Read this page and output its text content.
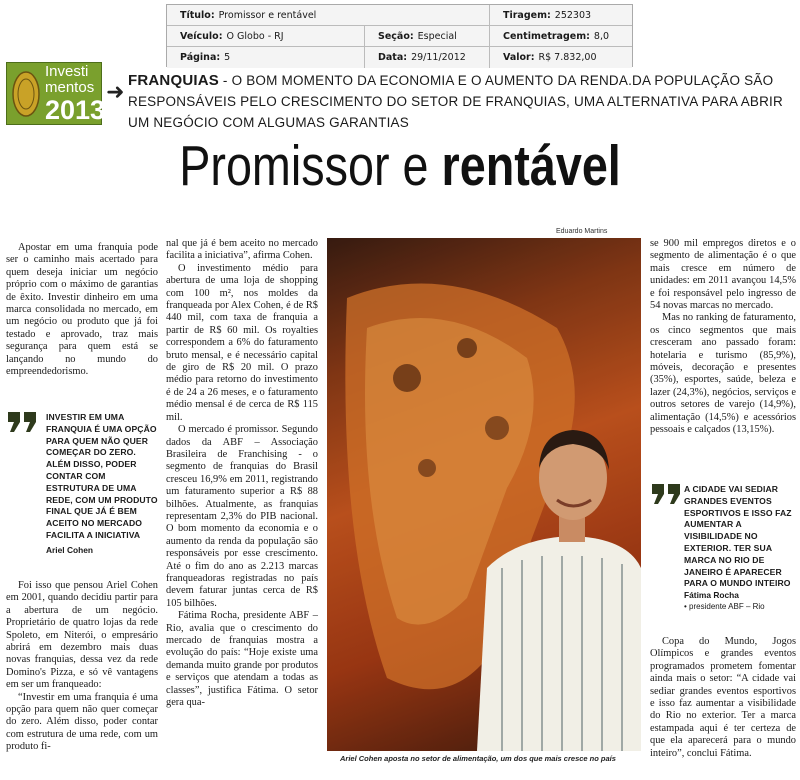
Título: Promissor e rentável	Tiragem: 252303
Veículo: O Globo - RJ	Seção: Especial	Centimetragem: 8,0
Página: 5	Data: 29/11/2012	Valor: R$ 7.832,00
Investi mentos
2013
➜ FRANQUIAS - O BOM MOMENTO DA ECONOMIA E O AUMENTO DA RENDA.DA POPULAÇÃO SÃO RESPONSÁVEIS PELO CRESCIMENTO DO SETOR DE FRANQUIAS, UMA ALTERNATIVA PARA ABRIR UM NEGÓCIO COM ALGUMAS GARANTIAS
Promissor e rentável

Apostar em uma franquia pode ser o caminho mais acertado para quem deseja iniciar um negócio próprio com o máximo de garantias de êxito. Investir dinheiro em uma marca consolidada no mercado, em um negócio ou produto que já foi testado e aprovado, traz mais segurança para quem está se lançando no mundo do empreendedorismo.

INVESTIR EM UMA FRANQUIA É UMA OPÇÃO PARA QUEM NÃO QUER COMEÇAR DO ZERO. ALÉM DISSO, PODER CONTAR COM ESTRUTURA DE UMA REDE, COM UM PRODUTO FINAL QUE JÁ É BEM ACEITO NO MERCADO FACILITA A INICIATIVA
Ariel Cohen

Foi isso que pensou Ariel Cohen em 2001, quando decidiu partir para a abertura de um negócio. Proprietário de quatro lojas da rede Spoleto, em Niterói, o empresário abrirá em dezembro mais duas novas franquias, dessa vez da rede Domino's Pizza, e só vê vantagens em ser um franqueado:

“Investir em uma franquia é uma opção para quem não quer começar do zero. Além disso, poder contar com estrutura de uma rede, com um produto fi-

nal que já é bem aceito no mercado facilita a iniciativa”, afirma Cohen.

O investimento médio para abertura de uma loja de shopping com 100 m², nos moldes da franqueada por Alex Cohen, é de R$ 440 mil, com taxa de franquia a partir de R$ 60 mil. Os royalties correspondem a 6% do faturamento bruto mensal, e é necessário capital de giro de R$ 20 mil. O prazo médio para retorno do investimento é de 24 a 26 meses, e o faturamento médio mensal é de cerca de R$ 115 mil.

O mercado é promissor. Segundo dados da ABF – Associação Brasileira de Franchising - o segmento de franquias do Brasil cresceu 16,9% em 2011, registrando um faturamento superior a R$ 88 bilhões. Atualmente, as franquias representam 2,3% do PIB nacional. O bom momento da economia e o aumento da renda da população são responsáveis por esse crescimento. Até o fim do ano as 2.213 marcas franqueadoras registradas no país devem faturar juntas cerca de R$ 105 bilhões.

Fátima Rocha, presidente ABF – Rio, avalia que o crescimento do mercado de franquias mostra a evolução do país: “Hoje existe uma demanda muito grande por produtos e serviços que atendam a todas as classes”, justifica Fátima. O setor gera qua-

Eduardo Martins
Ariel Cohen aposta no setor de alimentação, um dos que mais cresce no país

se 900 mil empregos diretos e o segmento de alimentação é o que mais cresce em número de unidades: em 2011 avançou 14,5% e foi responsável pelo ingresso de 54 novas marcas no mercado.

Mas no ranking de faturamento, os cinco segmentos que mais cresceram ano passado foram: hotelaria e turismo (85,9%), móveis, decoração e presentes (35%), esportes, saúde, beleza e lazer (24,3%), negócios, serviços e outros setores de varejo (14,9%), alimentação (14,5%) e acessórios pessoais e calçados (13,15%).

A CIDADE VAI SEDIAR GRANDES EVENTOS ESPORTIVOS E ISSO FAZ AUMENTAR A VISIBILIDADE NO EXTERIOR. TER SUA MARCA NO RIO DE JANEIRO É APARECER PARA O MUNDO INTEIRO
Fátima Rocha
• presidente ABF – Rio

Copa do Mundo, Jogos Olímpicos e grandes eventos programados prometem fomentar ainda mais o setor: “A cidade vai sediar grandes eventos esportivos e isso faz aumentar a visibilidade do Rio no exterior. Ter a marca estampada aqui é ter certeza de que ela aparecerá para o mundo inteiro”, conclui Fátima.
